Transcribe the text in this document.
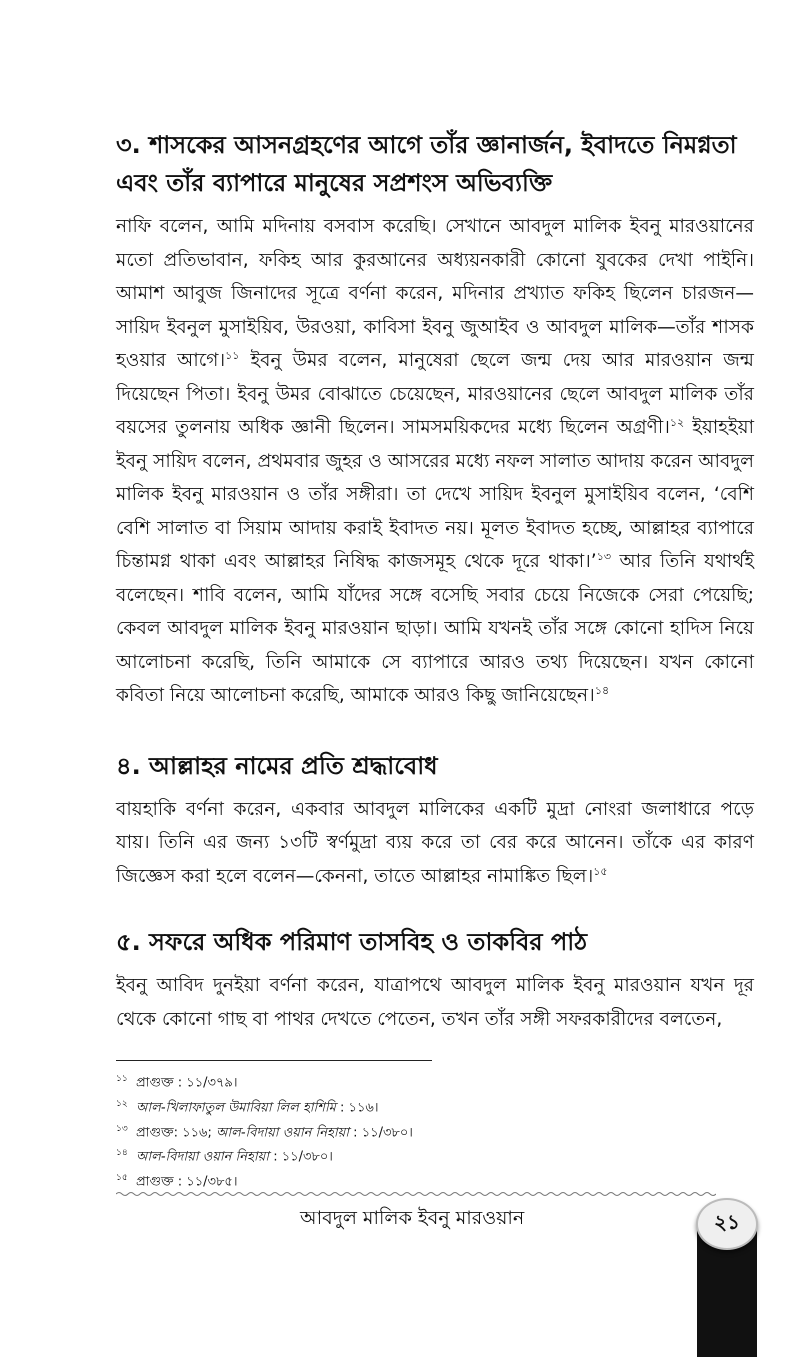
৩. শাসকের আসনগ্রহণের আগে তাঁর জ্ঞানার্জন, ইবাদতে নিমগ্নতা এবং তাঁর ব্যাপারে মানুষের সপ্রশংস অভিব্যক্তি

নাফি বলেন, আমি মদিনায় বসবাস করেছি। সেখানে আবদুল মালিক ইবনু মারওয়ানের মতো প্রতিভাবান, ফকিহ আর কুরআনের অধ্যয়নকারী কোনো যুবকের দেখা পাইনি। আমাশ আবুজ জিনাদের সূত্রে বর্ণনা করেন, মদিনার প্রখ্যাত ফকিহ ছিলেন চারজন—সায়িদ ইবনুল মুসাইয়িব, উরওয়া, কাবিসা ইবনু জুআইব ও আবদুল মালিক—তাঁর শাসক হওয়ার আগে।$^{১১}$ ইবনু উমর বলেন, মানুষেরা ছেলে জন্ম দেয় আর মারওয়ান জন্ম দিয়েছেন পিতা। ইবনু উমর বোঝাতে চেয়েছেন, মারওয়ানের ছেলে আবদুল মালিক তাঁর বয়সের তুলনায় অধিক জ্ঞানী ছিলেন। সামসময়িকদের মধ্যে ছিলেন অগ্রণী।$^{১২}$ ইয়াহইয়া ইবনু সায়িদ বলেন, প্রথমবার জুহর ও আসরের মধ্যে নফল সালাত আদায় করেন আবদুল মালিক ইবনু মারওয়ান ও তাঁর সঙ্গীরা। তা দেখে সায়িদ ইবনুল মুসাইয়িব বলেন, ‘বেশি বেশি সালাত বা সিয়াম আদায় করাই ইবাদত নয়। মূলত ইবাদত হচ্ছে, আল্লাহর ব্যাপারে চিন্তামগ্ন থাকা এবং আল্লাহর নিষিদ্ধ কাজসমূহ থেকে দূরে থাকা।’$^{১৩}$ আর তিনি যথার্থই বলেছেন। শাবি বলেন, আমি যাঁদের সঙ্গে বসেছি সবার চেয়ে নিজেকে সেরা পেয়েছি; কেবল আবদুল মালিক ইবনু মারওয়ান ছাড়া। আমি যখনই তাঁর সঙ্গে কোনো হাদিস নিয়ে আলোচনা করেছি, তিনি আমাকে সে ব্যাপারে আরও তথ্য দিয়েছেন। যখন কোনো কবিতা নিয়ে আলোচনা করেছি, আমাকে আরও কিছু জানিয়েছেন।$^{১৪}$

৪. আল্লাহর নামের প্রতি শ্রদ্ধাবোধ

বায়হাকি বর্ণনা করেন, একবার আবদুল মালিকের একটি মুদ্রা নোংরা জলাধারে পড়ে যায়। তিনি এর জন্য ১৩টি স্বর্ণমুদ্রা ব্যয় করে তা বের করে আনেন। তাঁকে এর কারণ জিজ্ঞেস করা হলে বলেন—কেননা, তাতে আল্লাহর নামাঙ্কিত ছিল।$^{১৫}$

৫. সফরে অধিক পরিমাণ তাসবিহ ও তাকবির পাঠ

ইবনু আবিদ দুনইয়া বর্ণনা করেন, যাত্রাপথে আবদুল মালিক ইবনু মারওয়ান যখন দূর থেকে কোনো গাছ বা পাথর দেখতে পেতেন, তখন তাঁর সঙ্গী সফরকারীদের বলতেন,

১১ প্রাগুক্ত : ১১/৩৭৯।
১২ আল-খিলাফাতুল উমাবিয়া লিল হাশিমি : ১১৬।
১৩ প্রাগুক্ত: ১১৬; আল-বিদায়া ওয়ান নিহায়া : ১১/৩৮০।
১৪ আল-বিদায়া ওয়ান নিহায়া : ১১/৩৮০।
১৫ প্রাগুক্ত : ১১/৩৮৫।
আবদুল মালিক ইবনু মারওয়ান	২১
